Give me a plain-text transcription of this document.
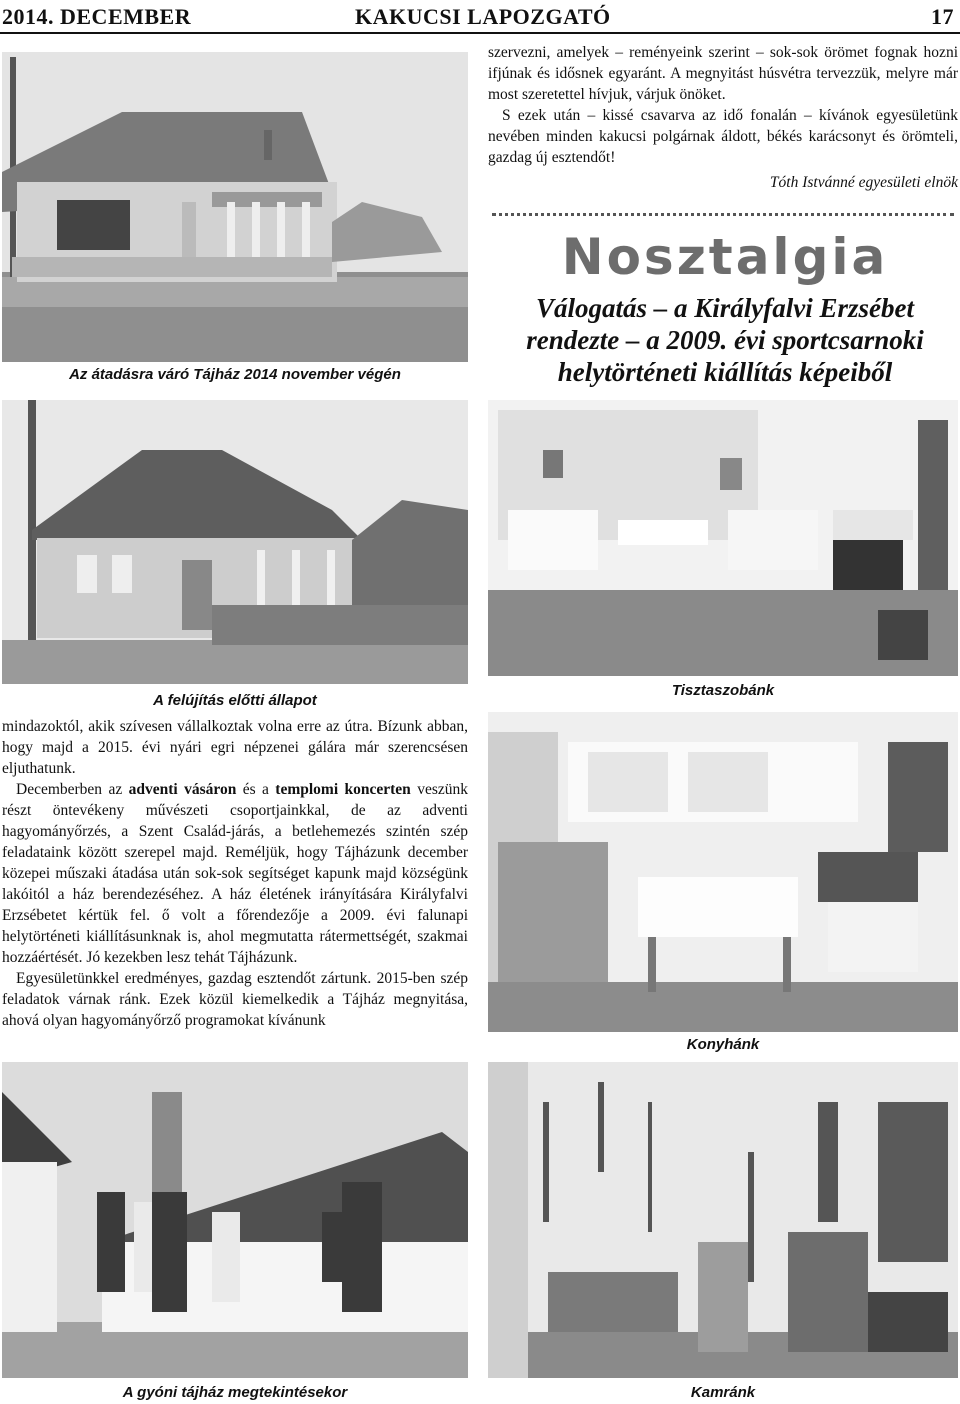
2014. DECEMBER	KAKUCSI LAPOZGATÓ	17
Az átadásra váró Tájház 2014 november végén

szervezni, amelyek – reményeink szerint – sok-sok örömet fognak hozni ifjúnak és idősnek egyaránt. A megnyitást húsvétra tervezzük, melyre már most szeretettel hívjuk, várjuk önöket.

S ezek után – kissé csavarva az idő fonalán – kívánok egyesületünk nevében minden kakucsi polgárnak áldott, békés karácsonyt és örömteli, gazdag új esztendőt!

Tóth Istvánné egyesületi elnök
Nosztalgia
Válogatás – a Királyfalvi Erzsébet rendezte – a 2009. évi sportcsarnoki helytörténeti kiállítás képeiből
A felújítás előtti állapot
Tisztaszobánk

mindazoktól, akik szívesen vállalkoztak volna erre az útra. Bízunk abban, hogy majd a 2015. évi nyári egri népzenei gálára már szerencsésen eljuthatunk.

Decemberben az adventi vásáron és a templomi koncerten veszünk részt öntevékeny művészeti csoportjainkkal, de az adventi hagyományőrzés, a Szent Család-járás, a betlehemezés szintén szép feladataink között szerepel majd. Reméljük, hogy Tájházunk december közepei műszaki átadása után sok-sok segítséget kapunk majd községünk lakóitól a ház berendezéséhez. A ház életének irányítására Királyfalvi Erzsébetet kértük fel. ő volt a főrendezője a 2009. évi falunapi helytörténeti kiállításunknak is, ahol megmutatta rátermettségét, szakmai hozzáértését. Jó kezekben lesz tehát Tájházunk.

Egyesületünkkel eredményes, gazdag esztendőt zártunk. 2015-ben szép feladatok várnak ránk. Ezek közül kiemelkedik a Tájház megnyitása, ahová olyan hagyományőrző programokat kívánunk

Konyhánk
A gyóni tájház megtekintésekor	Kamránk
